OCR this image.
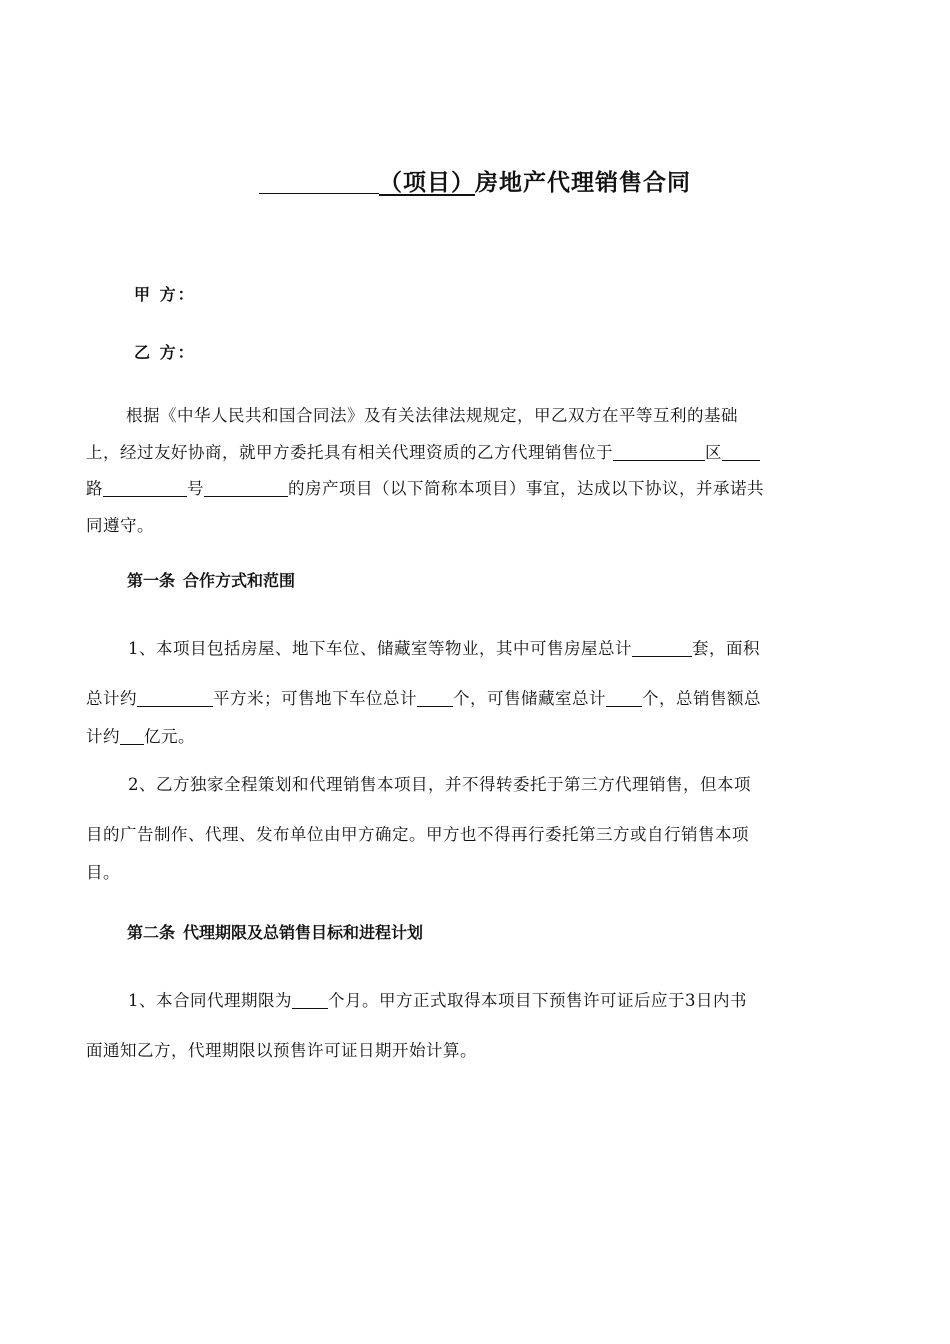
（项目）房地产代理销售合同
甲 方：
乙 方：

根据《中华人民共和国合同法》及有关法律法规规定，甲乙双方在平等互利的基础

上，经过友好协商，就甲方委托具有相关代理资质的乙方代理销售位于	区

路	号	的房产项目（以下简称本项目）事宜，达成以下协议，并承诺共

同遵守。

第一条 合作方式和范围

1、本项目包括房屋、地下车位、储藏室等物业，其中可售房屋总计	套，面积

总计约	平方米；可售地下车位总计 个，可售储藏室总计 个，总销售额总

计约 亿元。

2、乙方独家全程策划和代理销售本项目，并不得转委托于第三方代理销售，但本项

目的广告制作、代理、发布单位由甲方确定。甲方也不得再行委托第三方或自行销售本项

目。

第二条 代理期限及总销售目标和进程计划

1、本合同代理期限为 个月。甲方正式取得本项目下预售许可证后应于3日内书

面通知乙方，代理期限以预售许可证日期开始计算。
